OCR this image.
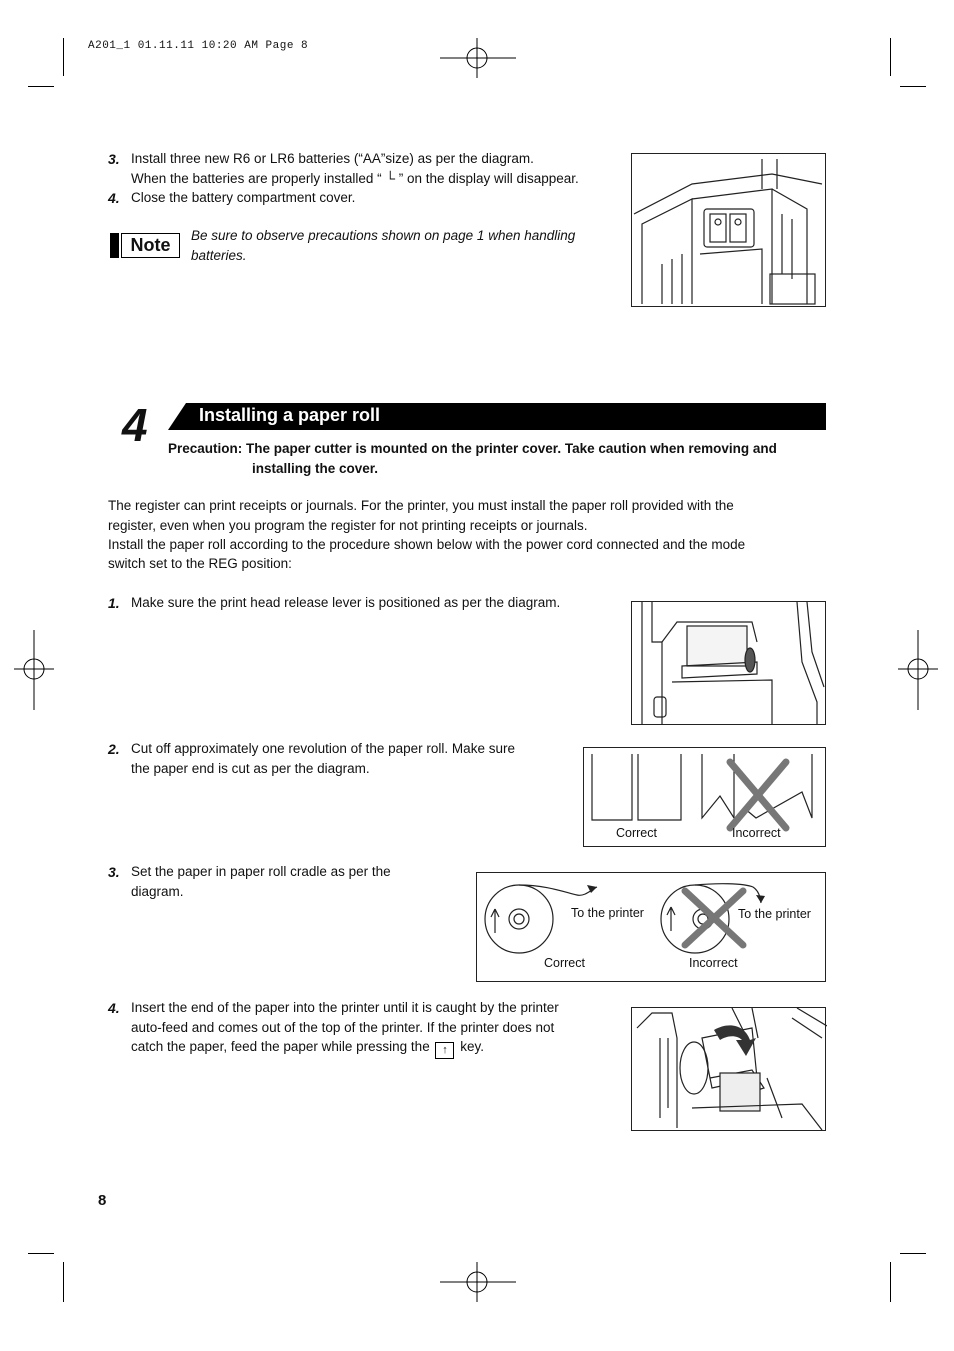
A201_1 01.11.11 10:20 AM Page 8
3. Install three new R6 or LR6 batteries (“AA”size) as per the diagram.
When the batteries are properly installed “ └ ” on the display will disappear.
4. Close the battery compartment cover.
Note	Be sure to observe precautions shown on page 1 when handling
batteries.
4	Installing a paper roll
Precaution: The paper cutter is mounted on the printer cover. Take caution when removing and
installing the cover.
The register can print receipts or journals. For the printer, you must install the paper roll provided with the
register, even when you program the register for not printing receipts or journals.
Install the paper roll according to the procedure shown below with the power cord connected and the mode
switch set to the REG position:
1. Make sure the print head release lever is positioned as per the diagram.
2. Cut off approximately one revolution of the paper roll. Make sure
the paper end is cut as per the diagram.
Correct	Incorrect
3. Set the paper in paper roll cradle as per the
diagram.
To the printer	To the printer
Correct	Incorrect
4. Insert the end of the paper into the printer until it is caught by the printer
auto-feed and comes out of the top of the printer. If the printer does not
catch the paper, feed the paper while pressing the ↑ key.
8
